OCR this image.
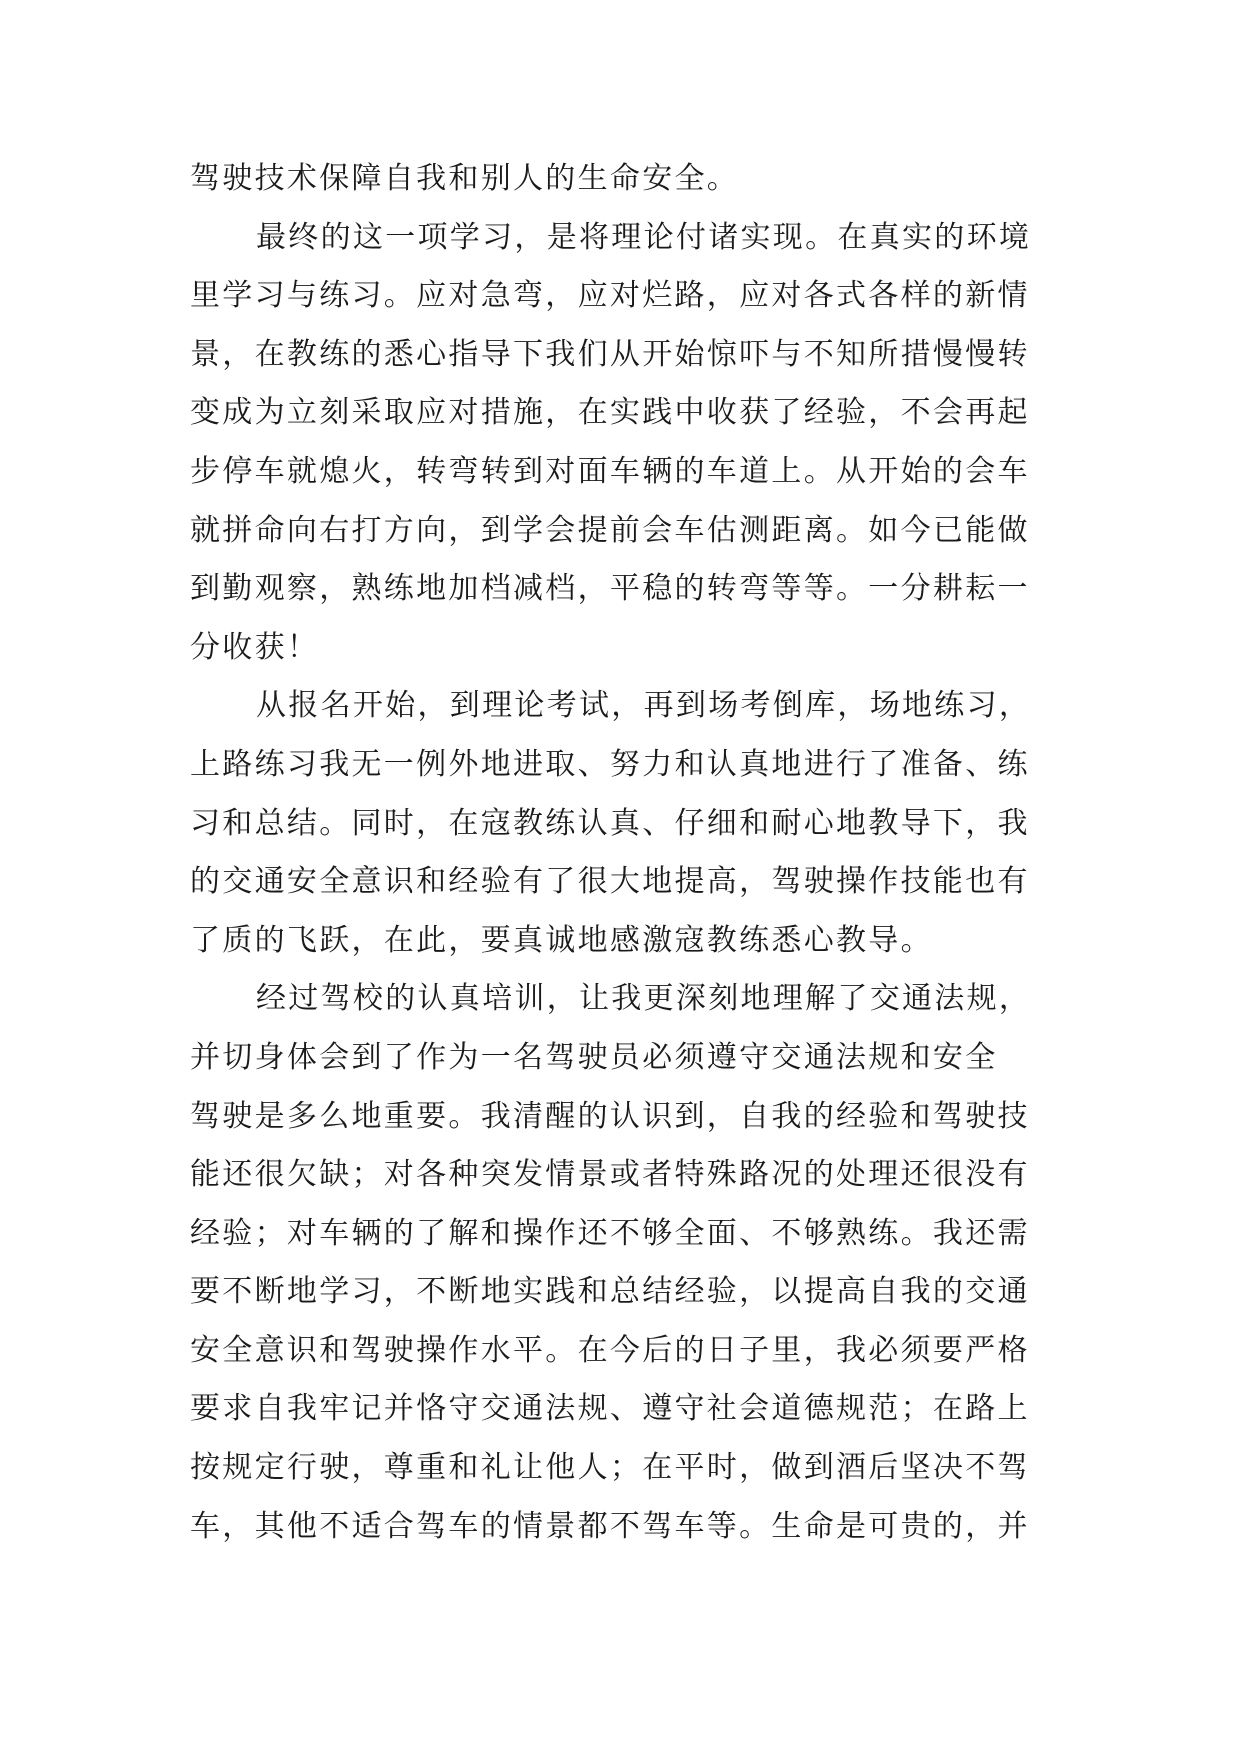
驾驶技术保障自我和别人的生命安全。
最终的这一项学习，是将理论付诸实现。在真实的环境
里学习与练习。应对急弯，应对烂路，应对各式各样的新情
景，在教练的悉心指导下我们从开始惊吓与不知所措慢慢转
变成为立刻采取应对措施，在实践中收获了经验，不会再起
步停车就熄火，转弯转到对面车辆的车道上。从开始的会车
就拼命向右打方向，到学会提前会车估测距离。如今已能做
到勤观察，熟练地加档减档，平稳的转弯等等。一分耕耘一
分收获！
从报名开始，到理论考试，再到场考倒库，场地练习，
上路练习我无一例外地进取、努力和认真地进行了准备、练
习和总结。同时，在寇教练认真、仔细和耐心地教导下，我
的交通安全意识和经验有了很大地提高，驾驶操作技能也有
了质的飞跃，在此，要真诚地感激寇教练悉心教导。
经过驾校的认真培训，让我更深刻地理解了交通法规，
并切身体会到了作为一名驾驶员必须遵守交通法规和安全
驾驶是多么地重要。我清醒的认识到，自我的经验和驾驶技
能还很欠缺；对各种突发情景或者特殊路况的处理还很没有
经验；对车辆的了解和操作还不够全面、不够熟练。我还需
要不断地学习，不断地实践和总结经验，以提高自我的交通
安全意识和驾驶操作水平。在今后的日子里，我必须要严格
要求自我牢记并恪守交通法规、遵守社会道德规范；在路上
按规定行驶，尊重和礼让他人；在平时，做到酒后坚决不驾
车，其他不适合驾车的情景都不驾车等。生命是可贵的，并
